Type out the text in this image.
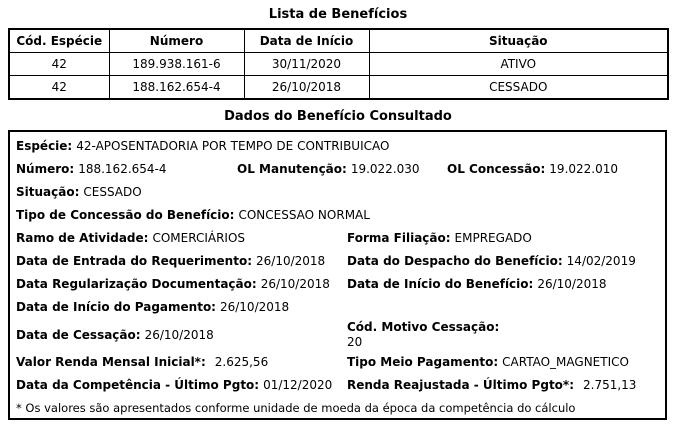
Lista de Benefícios
Cód. Espécie	Número	Data de Início	Situação
42	189.938.161-6	30/11/2020	ATIVO
42	188.162.654-4	26/10/2018	CESSADO
Dados do Benefício Consultado
Espécie: 42-APOSENTADORIA POR TEMPO DE CONTRIBUICAO
Número: 188.162.654-4	OL Manutenção: 19.022.030	OL Concessão: 19.022.010
Situação: CESSADO
Tipo de Concessão do Benefício: CONCESSAO NORMAL
Ramo de Atividade: COMERCIÁRIOS	Forma Filiação: EMPREGADO
Data de Entrada do Requerimento: 26/10/2018	Data do Despacho do Benefício: 14/02/2019
Data Regularização Documentação: 26/10/2018	Data de Início do Benefício: 26/10/2018
Data de Início do Pagamento: 26/10/2018
Data de Cessação: 26/10/2018
Cód. Motivo Cessação:
20
Valor Renda Mensal Inicial*: 2.625,56	Tipo Meio Pagamento: CARTAO_MAGNETICO
Data da Competência - Último Pgto: 01/12/2020	Renda Reajustada - Último Pgto*: 2.751,13
* Os valores são apresentados conforme unidade de moeda da época da competência do cálculo
